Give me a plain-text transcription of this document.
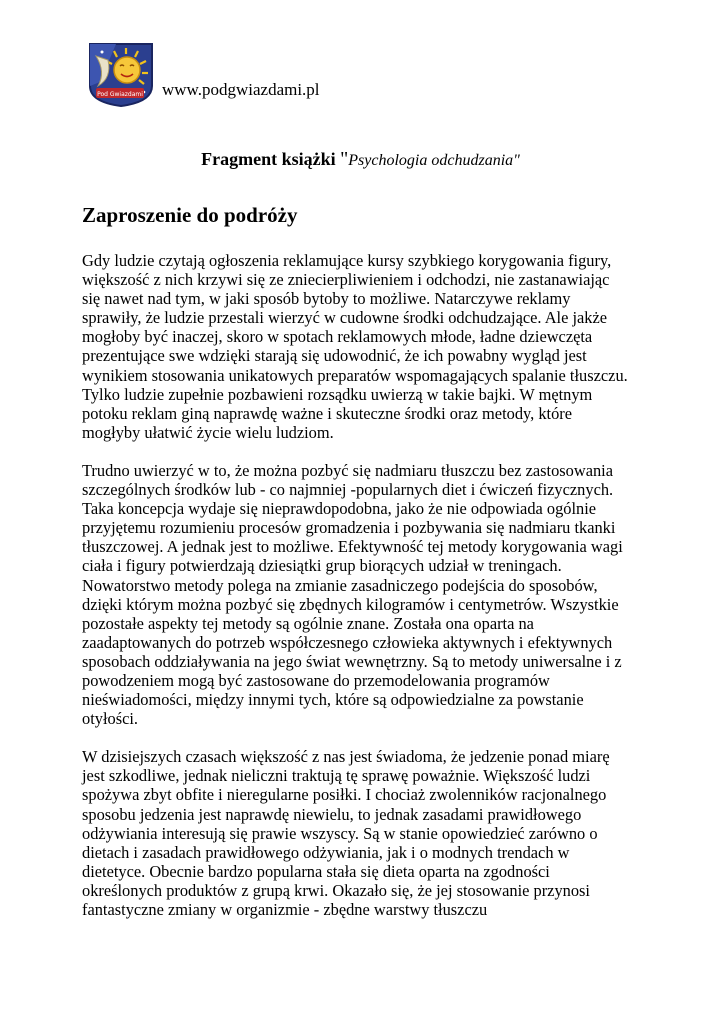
Pod Gwiazdami www.podgwiazdami.pl
Fragment książki "Psychologia odchudzania"
Zaproszenie do podróży

Gdy ludzie czytają ogłoszenia reklamujące kursy szybkiego korygowania figury,
większość z nich krzywi się ze zniecierpliwieniem i odchodzi, nie zastanawiając
się nawet nad tym, w jaki sposób bytoby to możliwe. Natarczywe reklamy
sprawiły, że ludzie przestali wierzyć w cudowne środki odchudzające. Ale jakże
mogłoby być inaczej, skoro w spotach reklamowych młode, ładne dziewczęta
prezentujące swe wdzięki starają się udowodnić, że ich powabny wygląd jest
wynikiem stosowania unikatowych preparatów wspomagających spalanie tłuszczu.
Tylko ludzie zupełnie pozbawieni rozsądku uwierzą w takie bajki. W mętnym
potoku reklam giną naprawdę ważne i skuteczne środki oraz metody, które
mogłyby ułatwić życie wielu ludziom.

Trudno uwierzyć w to, że można pozbyć się nadmiaru tłuszczu bez zastosowania
szczególnych środków lub - co najmniej -popularnych diet i ćwiczeń fizycznych.
Taka koncepcja wydaje się nieprawdopodobna, jako że nie odpowiada ogólnie
przyjętemu rozumieniu procesów gromadzenia i pozbywania się nadmiaru tkanki
tłuszczowej. A jednak jest to możliwe. Efektywność tej metody korygowania wagi
ciała i figury potwierdzają dziesiątki grup biorących udział w treningach.
Nowatorstwo metody polega na zmianie zasadniczego podejścia do sposobów,
dzięki którym można pozbyć się zbędnych kilogramów i centymetrów. Wszystkie
pozostałe aspekty tej metody są ogólnie znane. Została ona oparta na
zaadaptowanych do potrzeb współczesnego człowieka aktywnych i efektywnych
sposobach oddziaływania na jego świat wewnętrzny. Są to metody uniwersalne i z
powodzeniem mogą być zastosowane do przemodelowania programów
nieświadomości, między innymi tych, które są odpowiedzialne za powstanie
otyłości.

W dzisiejszych czasach większość z nas jest świadoma, że jedzenie ponad miarę
jest szkodliwe, jednak nieliczni traktują tę sprawę poważnie. Większość ludzi
spożywa zbyt obfite i nieregularne posiłki. I chociaż zwolenników racjonalnego
sposobu jedzenia jest naprawdę niewielu, to jednak zasadami prawidłowego
odżywiania interesują się prawie wszyscy. Są w stanie opowiedzieć zarówno o
dietach i zasadach prawidłowego odżywiania, jak i o modnych trendach w
dietetyce. Obecnie bardzo popularna stała się dieta oparta na zgodności
określonych produktów z grupą krwi. Okazało się, że jej stosowanie przynosi
fantastyczne zmiany w organizmie - zbędne warstwy tłuszczu
